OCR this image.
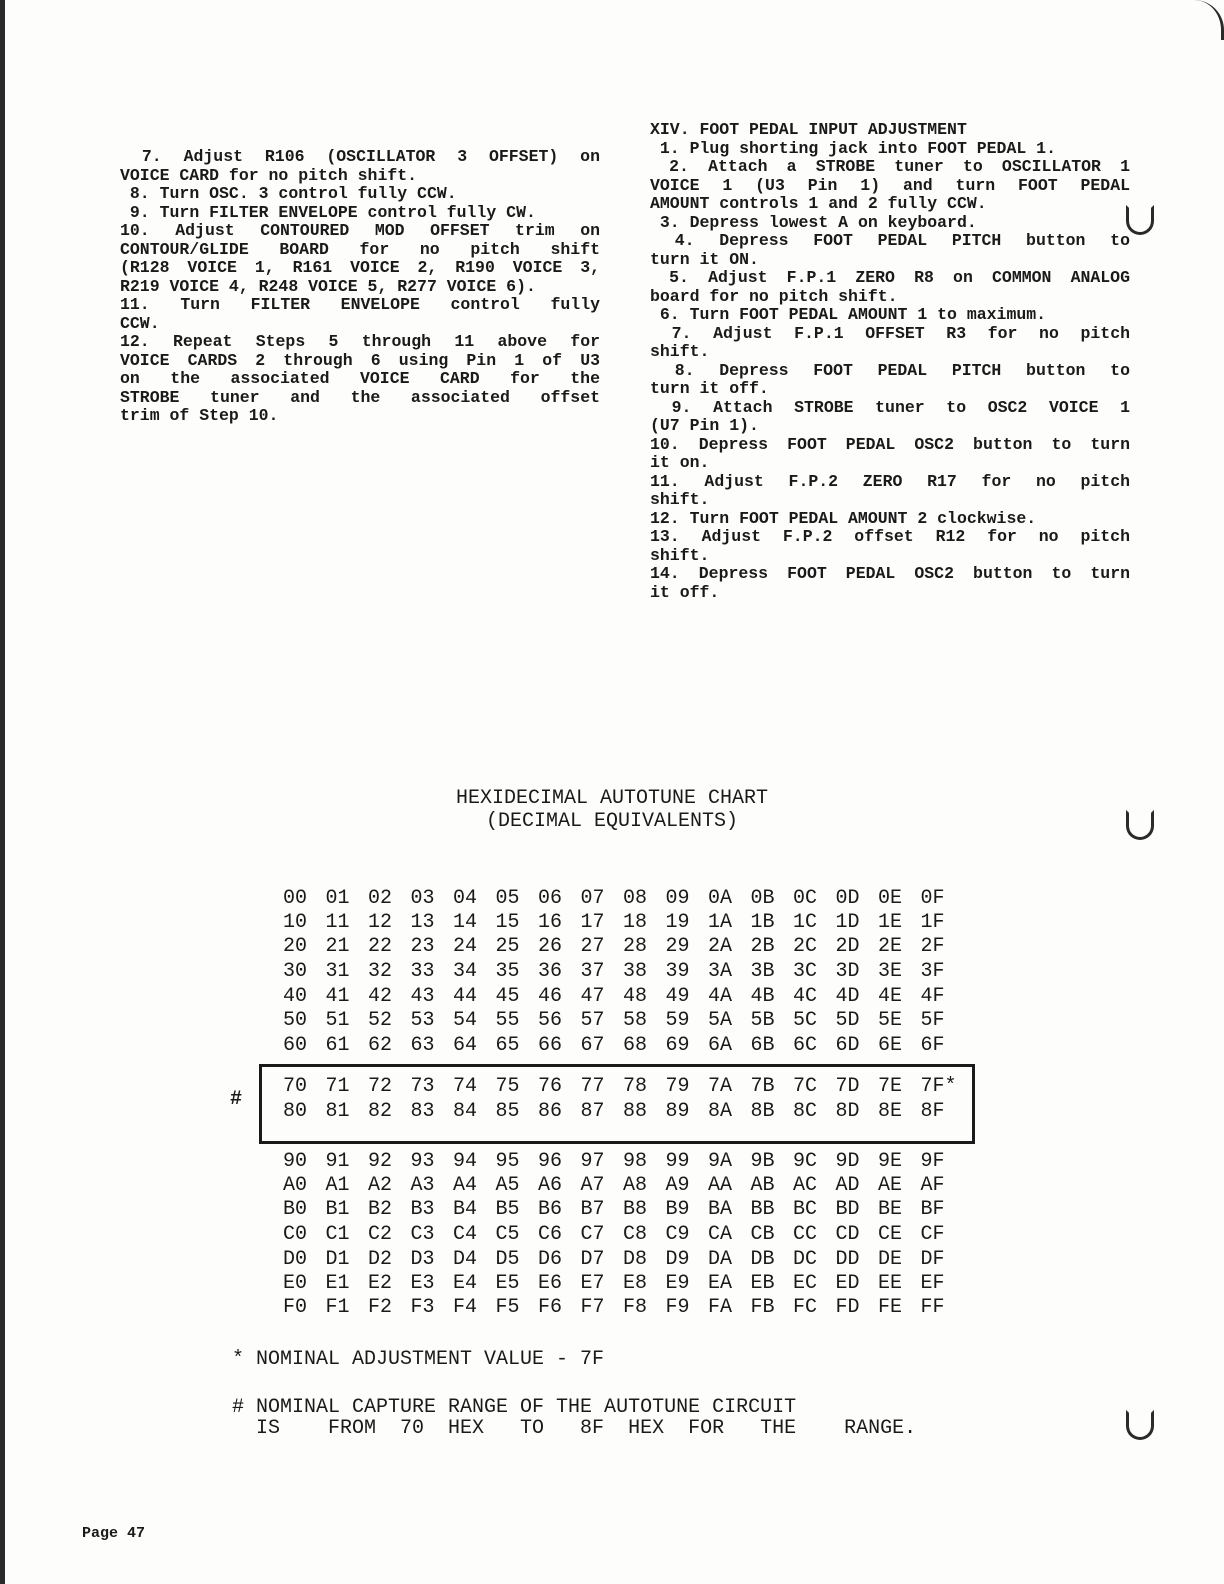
7. Adjust R106 (OSCILLATOR 3 OFFSET) on
VOICE CARD for no pitch shift.
8. Turn OSC. 3 control fully CCW.
9. Turn FILTER ENVELOPE control fully CW.
10. Adjust CONTOURED MOD OFFSET trim on
CONTOUR/GLIDE BOARD for no pitch shift
(R128 VOICE 1, R161 VOICE 2, R190 VOICE 3,
R219 VOICE 4, R248 VOICE 5, R277 VOICE 6).
11. Turn FILTER ENVELOPE control fully
CCW.
12. Repeat Steps 5 through 11 above for
VOICE CARDS 2 through 6 using Pin 1 of U3
on the associated VOICE CARD for the
STROBE tuner and the associated offset
trim of Step 10.
XIV. FOOT PEDAL INPUT ADJUSTMENT
1. Plug shorting jack into FOOT PEDAL 1.
2. Attach a STROBE tuner to OSCILLATOR 1
VOICE 1 (U3 Pin 1) and turn FOOT PEDAL
AMOUNT controls 1 and 2 fully CCW.
3. Depress lowest A on keyboard.
4. Depress FOOT PEDAL PITCH button to
turn it ON.
5. Adjust F.P.1 ZERO R8 on COMMON ANALOG
board for no pitch shift.
6. Turn FOOT PEDAL AMOUNT 1 to maximum.
7. Adjust F.P.1 OFFSET R3 for no pitch
shift.
8. Depress FOOT PEDAL PITCH button to
turn it off.
9. Attach STROBE tuner to OSC2 VOICE 1
(U7 Pin 1).
10. Depress FOOT PEDAL OSC2 button to turn
it on.
11. Adjust F.P.2 ZERO R17 for no pitch
shift.
12. Turn FOOT PEDAL AMOUNT 2 clockwise.
13. Adjust F.P.2 offset R12 for no pitch
shift.
14. Depress FOOT PEDAL OSC2 button to turn
it off.
HEXIDECIMAL AUTOTUNE CHART
(DECIMAL EQUIVALENTS)
#
00 01 02 03 04 05 06 07 08 09 0A 0B 0C 0D 0E 0F
10 11 12 13 14 15 16 17 18 19 1A 1B 1C 1D 1E 1F
20 21 22 23 24 25 26 27 28 29 2A 2B 2C 2D 2E 2F
30 31 32 33 34 35 36 37 38 39 3A 3B 3C 3D 3E 3F
40 41 42 43 44 45 46 47 48 49 4A 4B 4C 4D 4E 4F
50 51 52 53 54 55 56 57 58 59 5A 5B 5C 5D 5E 5F
60 61 62 63 64 65 66 67 68 69 6A 6B 6C 6D 6E 6F
70 71 72 73 74 75 76 77 78 79 7A 7B 7C 7D 7E 7F*
80 81 82 83 84 85 86 87 88 89 8A 8B 8C 8D 8E 8F
90 91 92 93 94 95 96 97 98 99 9A 9B 9C 9D 9E 9F
A0 A1 A2 A3 A4 A5 A6 A7 A8 A9 AA AB AC AD AE AF
B0 B1 B2 B3 B4 B5 B6 B7 B8 B9 BA BB BC BD BE BF
C0 C1 C2 C3 C4 C5 C6 C7 C8 C9 CA CB CC CD CE CF
D0 D1 D2 D3 D4 D5 D6 D7 D8 D9 DA DB DC DD DE DF
E0 E1 E2 E3 E4 E5 E6 E7 E8 E9 EA EB EC ED EE EF
F0 F1 F2 F3 F4 F5 F6 F7 F8 F9 FA FB FC FD FE FF
* NOMINAL ADJUSTMENT VALUE - 7F
# NOMINAL CAPTURE RANGE OF THE AUTOTUNE CIRCUIT
IS    FROM  70  HEX   TO   8F  HEX  FOR   THE    RANGE.
Page 47
